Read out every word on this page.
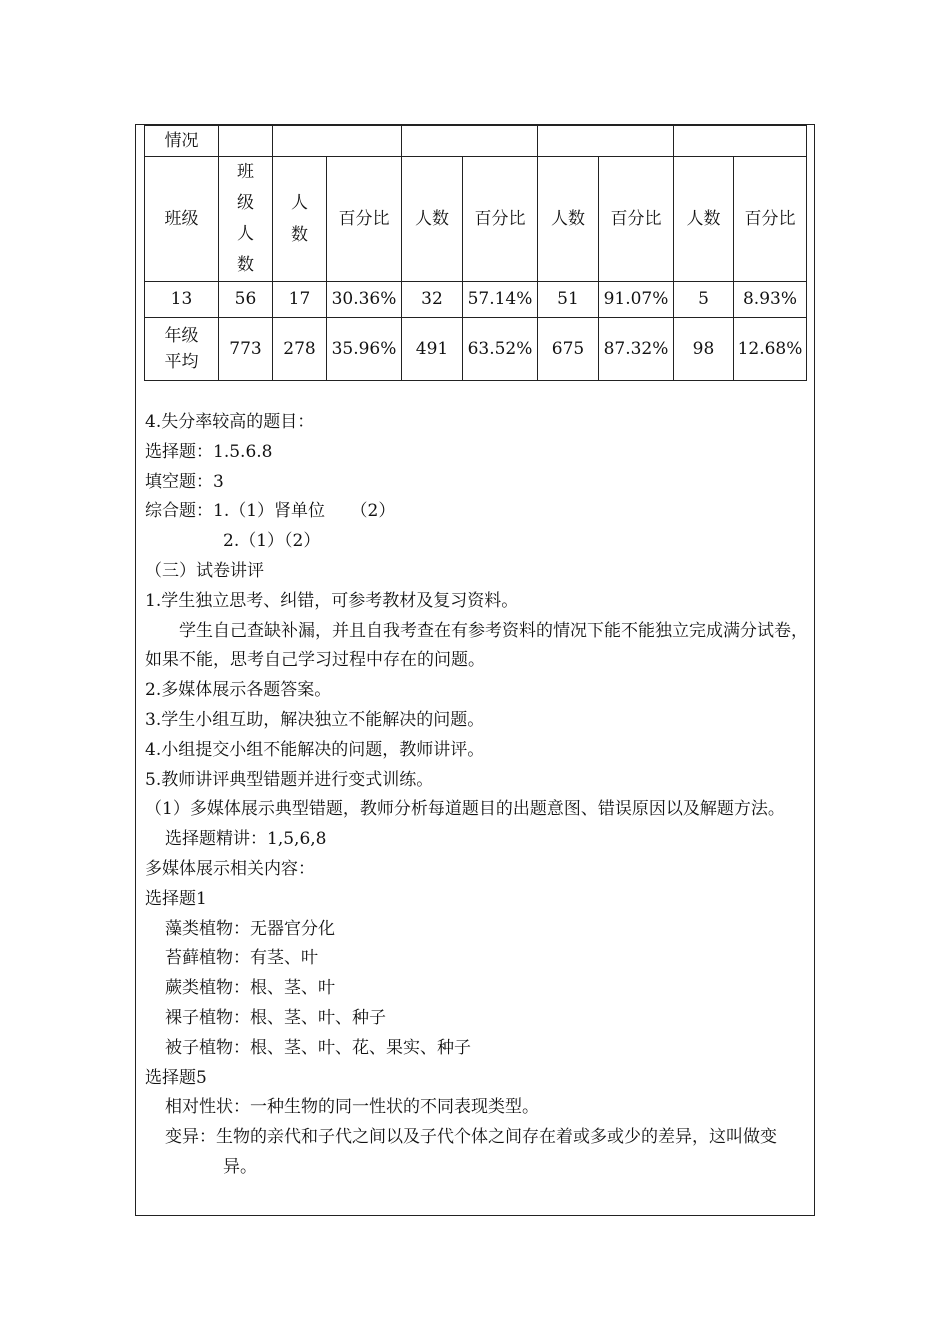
情况									
班级	班级人数	人数	百分比	人数	百分比	人数	百分比	人数	百分比
13	56	17	30.36%	32	57.14%	51	91.07%	5	8.93%
年级平均	773	278	35.96%	491	63.52%	675	87.32%	98	12.68%

4.失分率较高的题目：

选择题：1.5.6.8

填空题：3

综合题：1.（1）肾单位　　（2）

2.（1）（2）

（三）试卷讲评

1.学生独立思考、纠错，可参考教材及复习资料。

　　学生自己查缺补漏，并且自我考查在有参考资料的情况下能不能独立完成满分试卷，如果不能，思考自己学习过程中存在的问题。

2.多媒体展示各题答案。

3.学生小组互助，解决独立不能解决的问题。

4.小组提交小组不能解决的问题，教师讲评。

5.教师讲评典型错题并进行变式训练。

（1）多媒体展示典型错题，教师分析每道题目的出题意图、错误原因以及解题方法。

选择题精讲：1,5,6,8

多媒体展示相关内容：

选择题1

藻类植物：无器官分化

苔藓植物：有茎、叶

蕨类植物：根、茎、叶

裸子植物：根、茎、叶、种子

被子植物：根、茎、叶、花、果实、种子

选择题5

相对性状：一种生物的同一性状的不同表现类型。

变异：生物的亲代和子代之间以及子代个体之间存在着或多或少的差异，这叫做变异。
